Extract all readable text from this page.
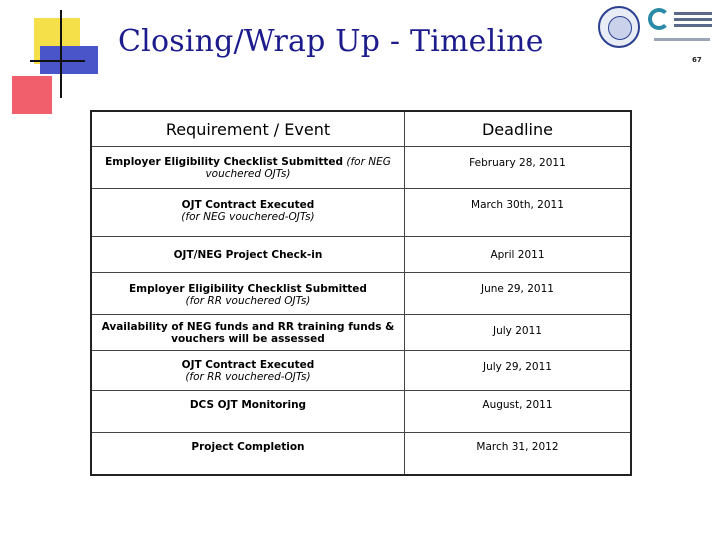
Closing/Wrap Up - Timeline
67
Requirement / Event	Deadline
Employer Eligibility Checklist Submitted (for NEG vouchered OJTs)	February 28, 2011

OJT Contract Executed
(for NEG vouchered-OJTs)	March 30th, 2011

OJT/NEG Project Check-in	April 2011

Employer Eligibility Checklist Submitted
(for RR vouchered OJTs)	June 29, 2011

Availability of NEG funds and RR training funds & vouchers will be assessed	July 2011

OJT Contract Executed
(for RR vouchered-OJTs)	July 29, 2011

DCS OJT Monitoring	August, 2011

Project Completion	March 31, 2012
